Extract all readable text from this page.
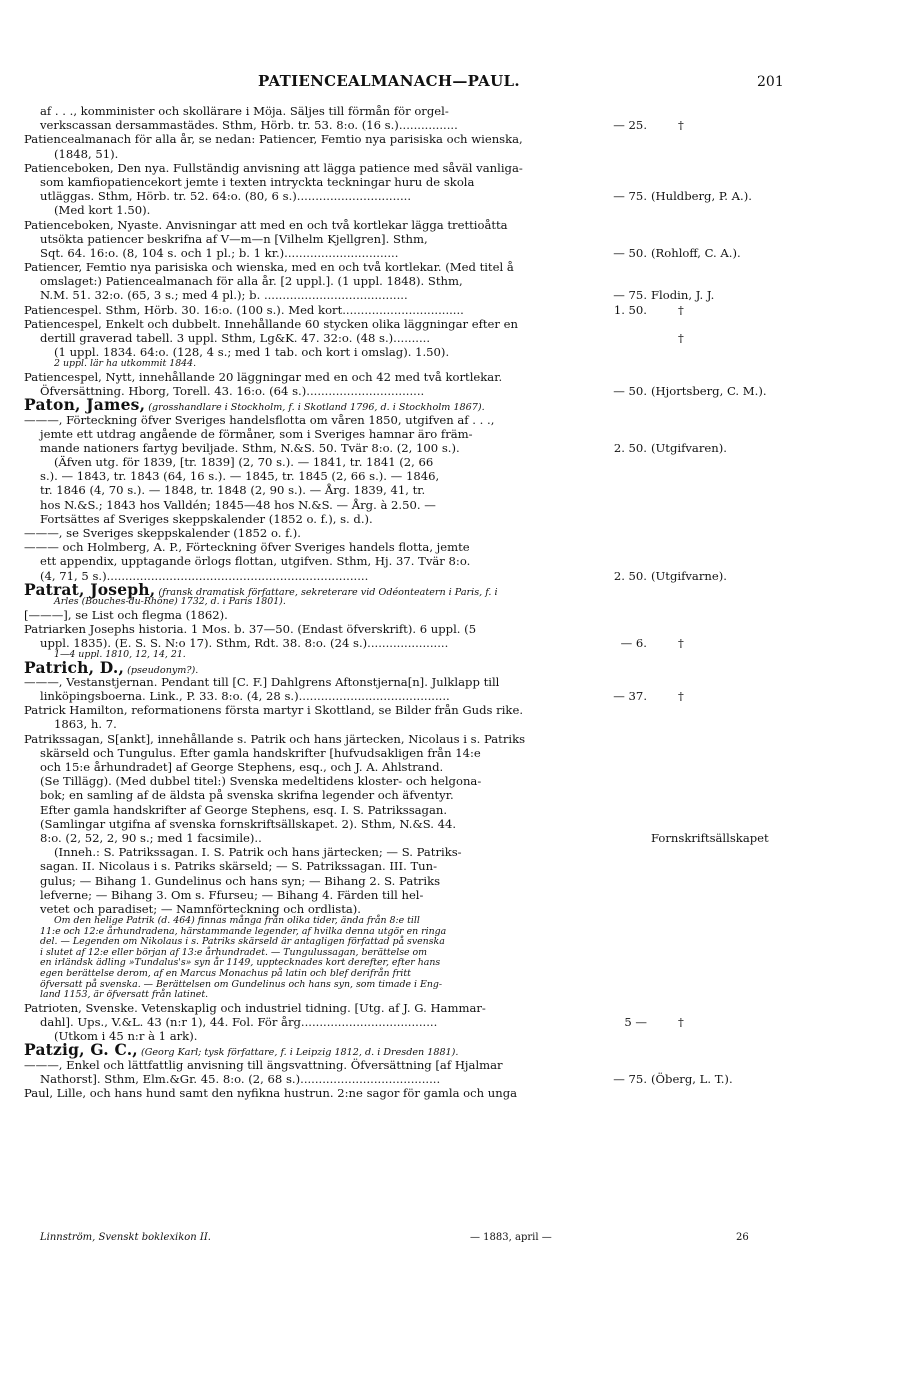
PATIENCEALMANACH—PAUL.	201
af . . ., komminister och skollärare i Möja. Säljes till förmån för orgel-
verkscassan dersammastädes. Sthm, Hörb. tr. 53. 8:o. (16 s.)................	— 25.	†
Patiencealmanach för alla år, se nedan: Patiencer, Femtio nya parisiska och wienska,
(1848, 51).
Patienceboken, Den nya. Fullständig anvisning att lägga patience med såväl vanliga-
som kamfiopatiencekort jemte i texten intryckta teckningar huru de skola
utläggas. Sthm, Hörb. tr. 52. 64:o. (80, 6 s.)...............................	— 75. (Huldberg, P. A.).
(Med kort 1.50).
Patienceboken, Nyaste. Anvisningar att med en och två kortlekar lägga trettioåtta
utsökta patiencer beskrifna af V—m—n [Vilhelm Kjellgren]. Sthm,
Sqt. 64. 16:o. (8, 104 s. och 1 pl.; b. 1 kr.)...............................	— 50. (Rohloff, C. A.).
Patiencer, Femtio nya parisiska och wienska, med en och två kortlekar. (Med titel å
omslaget:) Patiencealmanach för alla år. [2 uppl.]. (1 uppl. 1848). Sthm,
N.M. 51. 32:o. (65, 3 s.; med 4 pl.); b. .......................................	— 75. Flodin, J. J.
Patiencespel. Sthm, Hörb. 30. 16:o. (100 s.). Med kort.................................	1. 50.	†
Patiencespel, Enkelt och dubbelt. Innehållande 60 stycken olika läggningar efter en
dertill graverad tabell. 3 uppl. Sthm, Lg&K. 47. 32:o. (48 s.)..........	†
(1 uppl. 1834. 64:o. (128, 4 s.; med 1 tab. och kort i omslag). 1.50).
2 uppl. lär ha utkommit 1844.
Patiencespel, Nytt, innehållande 20 läggningar med en och 42 med två kortlekar.
Öfversättning. Hborg, Torell. 43. 16:o. (64 s.)................................	— 50. (Hjortsberg, C. M.).
Paton, James, (grosshandlare i Stockholm, f. i Skotland 1796, d. i Stockholm 1867).
———, Förteckning öfver Sveriges handelsflotta om våren 1850, utgifven af . . .,
jemte ett utdrag angående de förmåner, som i Sveriges hamnar äro främ-
mande nationers fartyg beviljade. Sthm, N.&S. 50. Tvär 8:o. (2, 100 s.).	2. 50. (Utgifvaren).
(Äfven utg. för 1839, [tr. 1839] (2, 70 s.). — 1841, tr. 1841 (2, 66
s.). — 1843, tr. 1843 (64, 16 s.). — 1845, tr. 1845 (2, 66 s.). — 1846,
tr. 1846 (4, 70 s.). — 1848, tr. 1848 (2, 90 s.). — Årg. 1839, 41, tr.
hos N.&S.; 1843 hos Valldén; 1845—48 hos N.&S. — Årg. à 2.50. —
Fortsättes af Sveriges skeppskalender (1852 o. f.), s. d.).
———, se Sveriges skeppskalender (1852 o. f.).
——— och Holmberg, A. P., Förteckning öfver Sveriges handels flotta, jemte
ett appendix, upptagande örlogs flottan, utgifven. Sthm, Hj. 37. Tvär 8:o.
(4, 71, 5 s.).......................................................................	2. 50. (Utgifvarne).
Patrat, Joseph, (fransk dramatisk författare, sekreterare vid Odéonteatern i Paris, f. i
Arles (Bouches-du-Rhône) 1732, d. i Paris 1801).
[———], se List och flegma (1862).
Patriarken Josephs historia. 1 Mos. b. 37—50. (Endast öfverskrift). 6 uppl. (5
uppl. 1835). (E. S. S. N:o 17). Sthm, Rdt. 38. 8:o. (24 s.)......................	— 6.	†
1—4 uppl. 1810, 12, 14, 21.
Patrich, D., (pseudonym?).
———, Vestanstjernan. Pendant till [C. F.] Dahlgrens Aftonstjerna[n]. Julklapp till
linköpingsboerna. Link., P. 33. 8:o. (4, 28 s.).........................................	— 37.	†
Patrick Hamilton, reformationens första martyr i Skottland, se Bilder från Guds rike.
1863, h. 7.
Patrikssagan, S[ankt], innehållande s. Patrik och hans järtecken, Nicolaus i s. Patriks
skärseld och Tungulus. Efter gamla handskrifter [hufvudsakligen från 14:e
och 15:e århundradet] af George Stephens, esq., och J. A. Ahlstrand.
(Se Tillägg). (Med dubbel titel:) Svenska medeltidens kloster- och helgona-
bok; en samling af de äldsta på svenska skrifna legender och äfventyr.
Efter gamla handskrifter af George Stephens, esq. I. S. Patrikssagan.
(Samlingar utgifna af svenska fornskriftsällskapet. 2). Sthm, N.&S. 44.
8:o. (2, 52, 2, 90 s.; med 1 facsimile)..	Fornskriftsällskapet
(Inneh.: S. Patrikssagan. I. S. Patrik och hans järtecken; — S. Patriks-
sagan. II. Nicolaus i s. Patriks skärseld; — S. Patrikssagan. III. Tun-
gulus; — Bihang 1. Gundelinus och hans syn; — Bihang 2. S. Patriks
lefverne; — Bihang 3. Om s. Ffurseu; — Bihang 4. Färden till hel-
vetet och paradiset; — Namnförteckning och ordlista).
Om den helige Patrik (d. 464) finnas många från olika tider, ända från 8:e till
11:e och 12:e århundradena, härstammande legender, af hvilka denna utgör en ringa
del. — Legenden om Nikolaus i s. Patriks skärseld är antagligen författad på svenska
i slutet af 12:e eller början af 13:e århundradet. — Tungulussagan, berättelse om
en irländsk ädling »Tundalus's» syn år 1149, upptecknades kort derefter, efter hans
egen berättelse derom, af en Marcus Monachus på latin och blef derifrån fritt
öfversatt på svenska. — Berättelsen om Gundelinus och hans syn, som timade i Eng-
land 1153, är öfversatt från latinet.
Patrioten, Svenske. Vetenskaplig och industriel tidning. [Utg. af J. G. Hammar-
dahl]. Ups., V.&L. 43 (n:r 1), 44. Fol. För årg.....................................	5 —	†
(Utkom i 45 n:r à 1 ark).
Patzig, G. C., (Georg Karl; tysk författare, f. i Leipzig 1812, d. i Dresden 1881).
———, Enkel och lättfattlig anvisning till ängsvattning. Öfversättning [af Hjalmar
Nathorst]. Sthm, Elm.&Gr. 45. 8:o. (2, 68 s.)......................................	— 75. (Öberg, L. T.).
Paul, Lille, och hans hund samt den nyfikna hustrun. 2:ne sagor för gamla och unga
Linnström, Svenskt boklexikon II.	— 1883, april —	26
